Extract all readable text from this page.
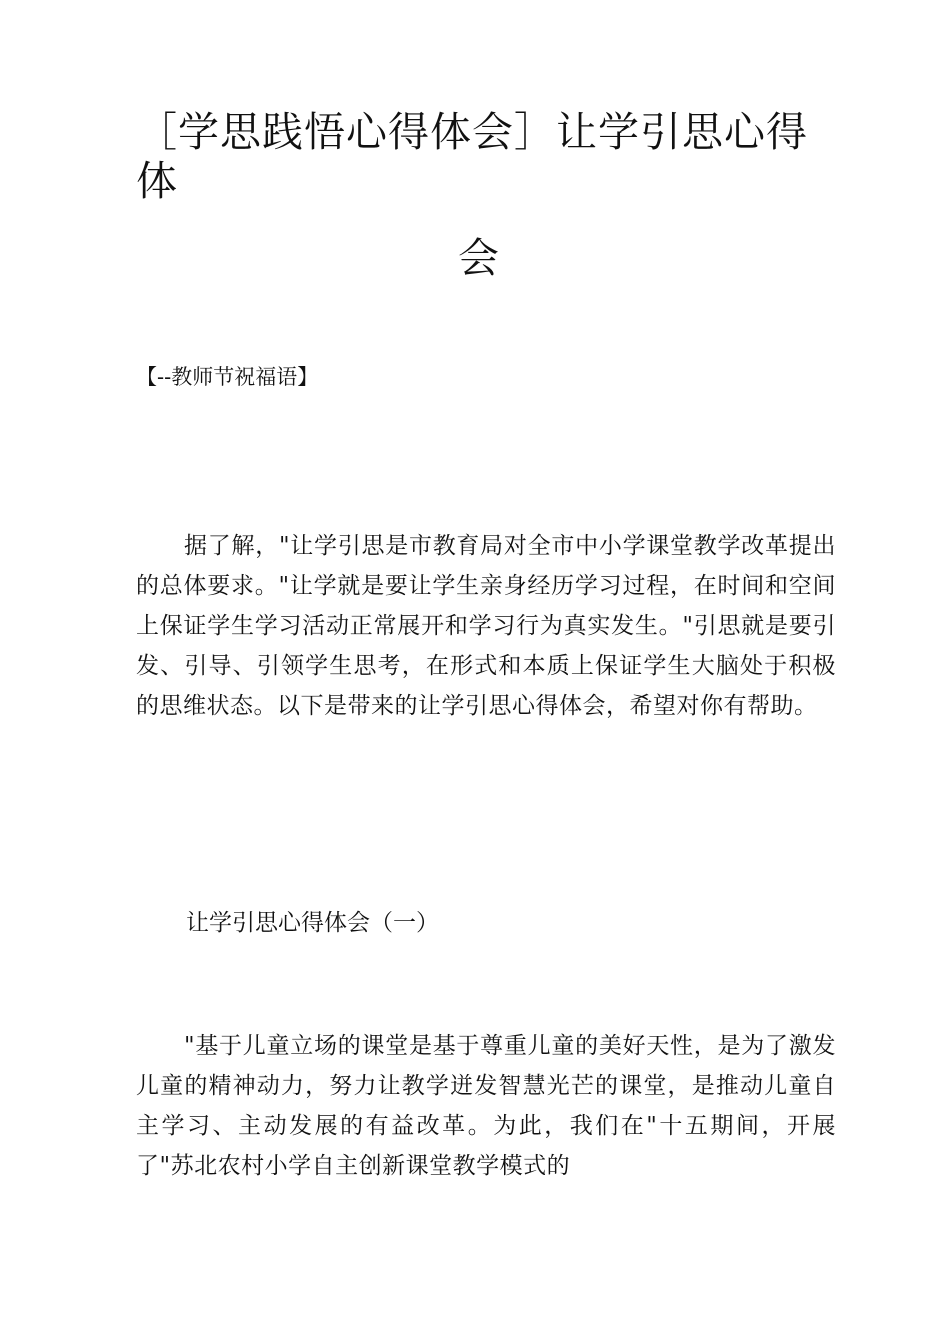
［学思践悟心得体会］让学引思心得
体
会
【--教师节祝福语】

据了解，"让学引思是市教育局对全市中小学课堂教学改革提出的总体要求。"让学就是要让学生亲身经历学习过程，在时间和空间上保证学生学习活动正常展开和学习行为真实发生。"引思就是要引发、引导、引领学生思考，在形式和本质上保证学生大脑处于积极的思维状态。以下是带来的让学引思心得体会，希望对你有帮助。

让学引思心得体会（一）

"基于儿童立场的课堂是基于尊重儿童的美好天性，是为了激发儿童的精神动力，努力让教学迸发智慧光芒的课堂，是推动儿童自主学习、主动发展的有益改革。为此，我们在"十五期间，开展了"苏北农村小学自主创新课堂教学模式的
